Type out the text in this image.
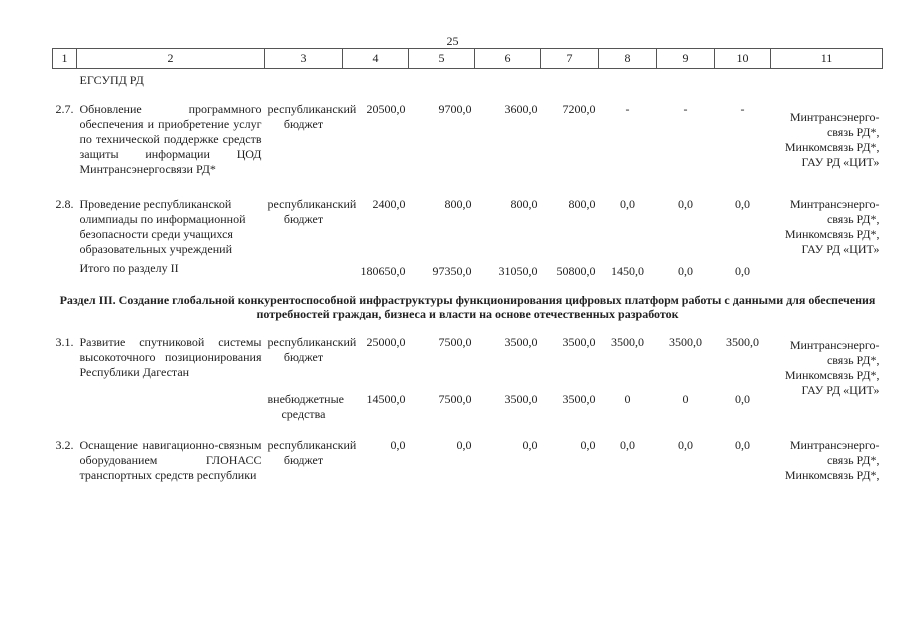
25
1	2	3	4	5	6	7	8	9	10	11
	ЕГСУПД РД									

2.7.	Обновление программного обеспечения и приобретение услуг по технической поддержке средств защиты информации ЦОД Минтрансэнергосвязи РД*	республиканский бюджет	20500,0	9700,0	3600,0	7200,0	-	-	-	Минтрансэнерго-связь РД*, Минкомсвязь РД*, ГАУ РД «ЦИТ»

2.8.	Проведение республиканской олимпиады по информационной безопасности среди учащихся образовательных учреждений	республиканский бюджет	2400,0	800,0	800,0	800,0	0,0	0,0	0,0	Минтрансэнерго-связь РД*, Минкомсвязь РД*, ГАУ РД «ЦИТ»

	Итого по разделу II		180650,0	97350,0	31050,0	50800,0	1450,0	0,0	0,0	

Раздел III. Создание глобальной конкурентоспособной инфраструктуры функционирования цифровых платформ работы с данными для обеспечения потребностей граждан, бизнеса и власти на основе отечественных разработок										

3.1.	Развитие спутниковой системы высокоточного позиционирования Республики Дагестан	республиканский бюджет	25000,0	7500,0	3500,0	3500,0	3500,0	3500,0	3500,0	Минтрансэнерго-связь РД*, Минкомсвязь РД*, ГАУ РД «ЦИТ»

		внебюджетные средства	14500,0	7500,0	3500,0	3500,0	0	0	0,0	

3.2.	Оснащение навигационно-связным оборудованием ГЛОНАСС транспортных средств республики	республиканский бюджет	0,0	0,0	0,0	0,0	0,0	0,0	0,0	Минтрансэнерго-связь РД*, Минкомсвязь РД*,
